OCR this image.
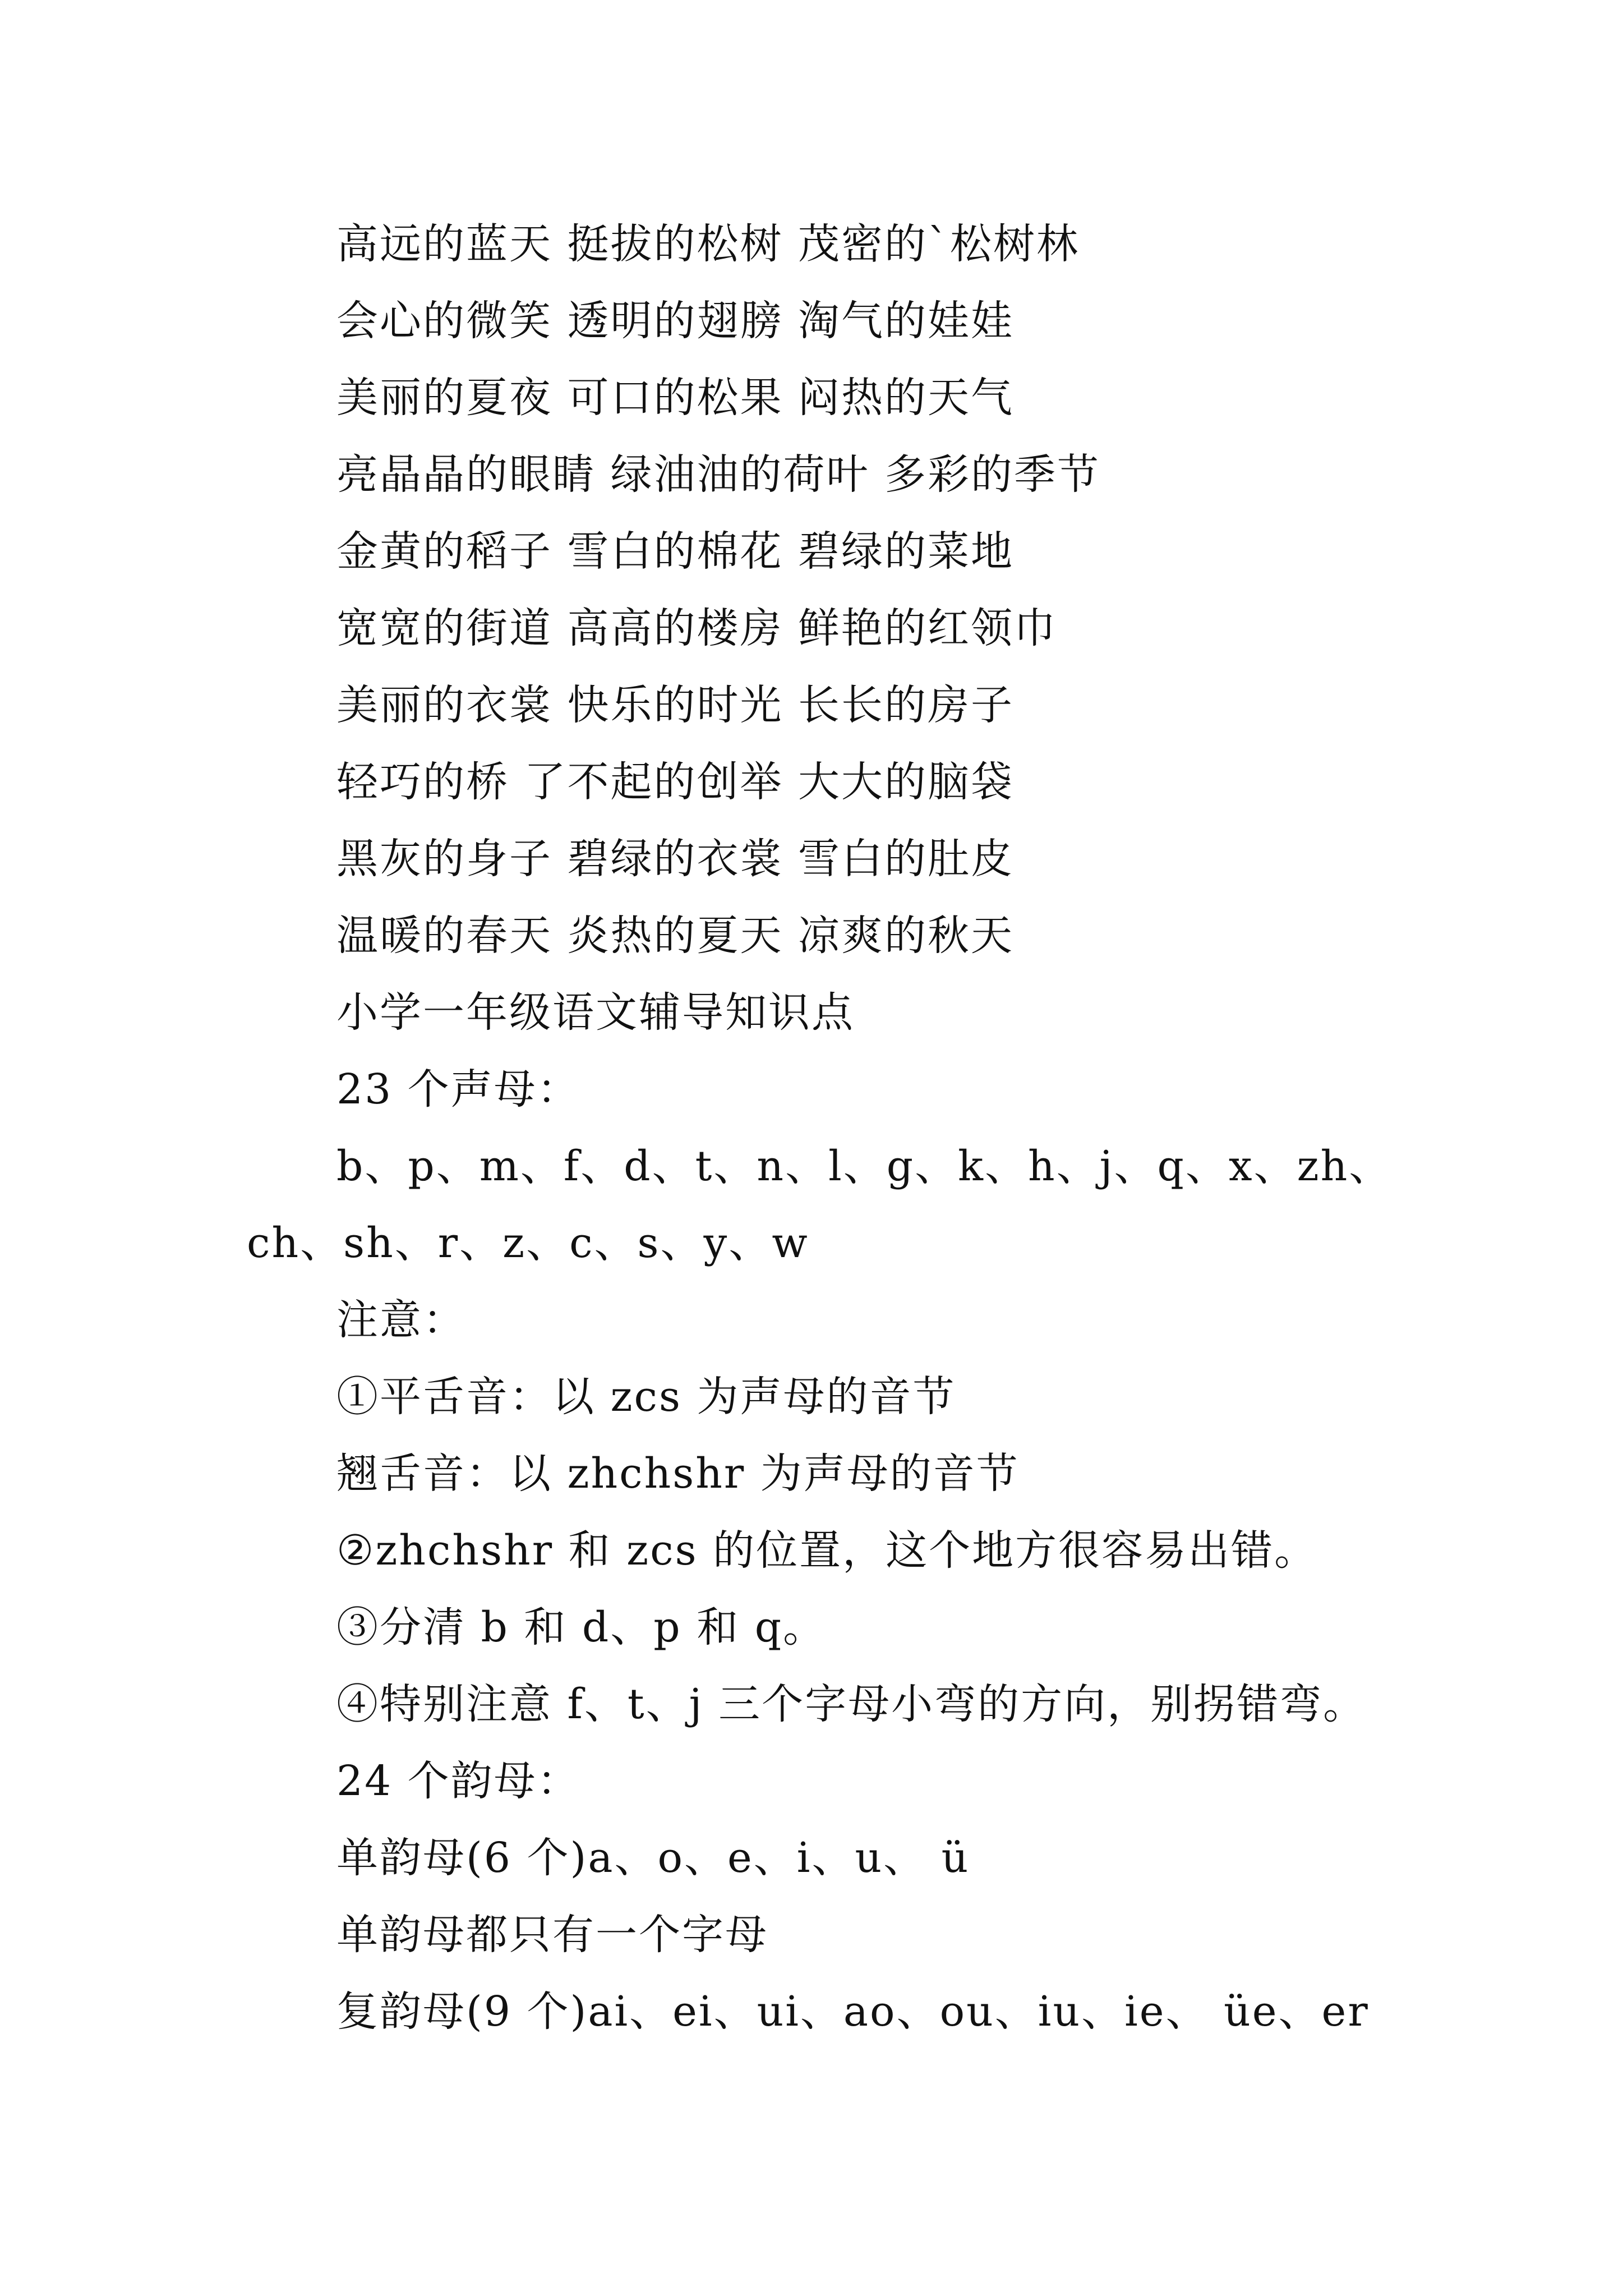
高远的蓝天 挺拔的松树 茂密的`松树林
会心的微笑 透明的翅膀 淘气的娃娃
美丽的夏夜 可口的松果 闷热的天气
亮晶晶的眼睛 绿油油的荷叶 多彩的季节
金黄的稻子 雪白的棉花 碧绿的菜地
宽宽的街道 高高的楼房 鲜艳的红领巾
美丽的衣裳 快乐的时光 长长的房子
轻巧的桥 了不起的创举 大大的脑袋
黑灰的身子 碧绿的衣裳 雪白的肚皮
温暖的春天 炎热的夏天 凉爽的秋天
小学一年级语文辅导知识点
23 个声母：
b、p、m、f、d、t、n、l、g、k、h、j、q、x、zh、
ch、sh、r、z、c、s、y、w
注意：
①平舌音：以 zcs 为声母的音节
翘舌音：以 zhchshr 为声母的音节
②zhchshr 和 zcs 的位置，这个地方很容易出错。
③分清 b 和 d、p 和 q。
④特别注意 f、t、j 三个字母小弯的方向，别拐错弯。
24 个韵母：
单韵母(6 个)a、o、e、i、u、 ü
单韵母都只有一个字母
复韵母(9 个)ai、ei、ui、ao、ou、iu、ie、 üe、er
